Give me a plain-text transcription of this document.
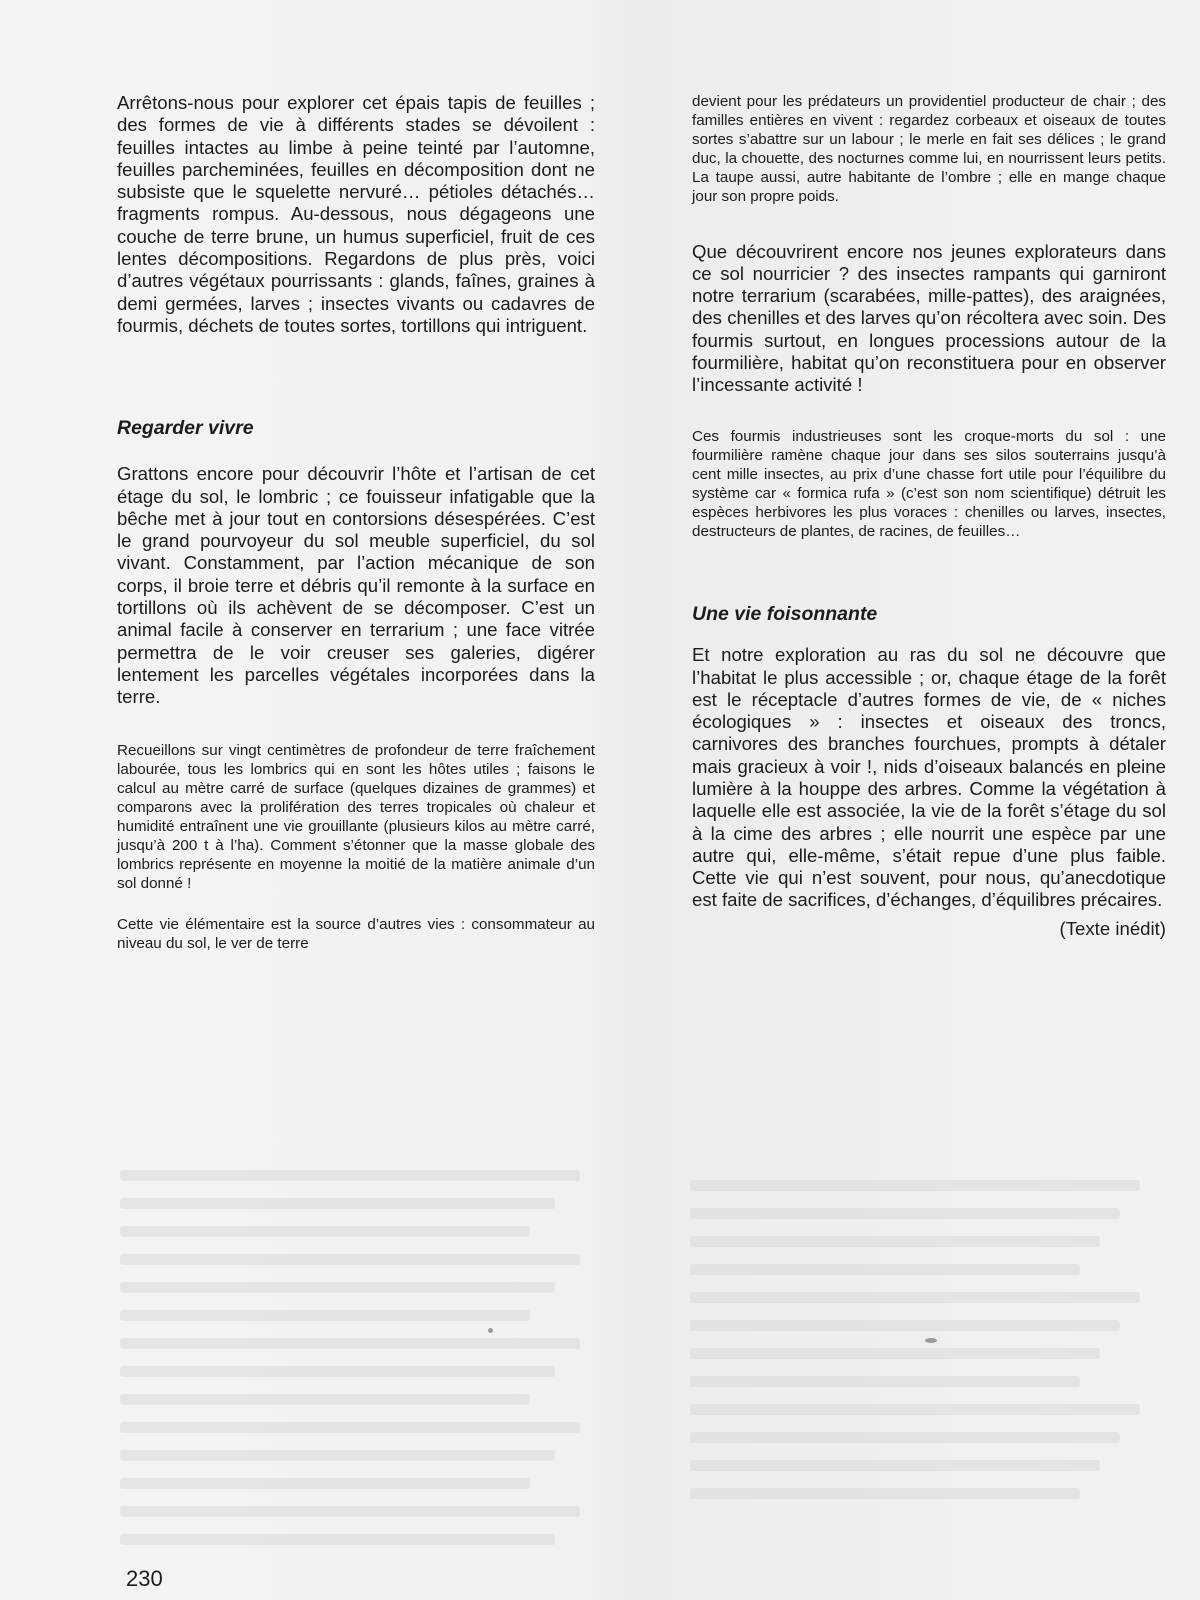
Arrêtons-nous pour explorer cet épais tapis de feuilles ; des formes de vie à différents stades se dévoilent : feuilles intactes au limbe à peine teinté par l’automne, feuilles parcheminées, feuilles en décomposition dont ne subsiste que le squelette nervuré… pétioles détachés… fragments rompus. Au-dessous, nous dégageons une couche de terre brune, un humus superficiel, fruit de ces lentes décompositions. Regardons de plus près, voici d’autres végétaux pourrissants : glands, faînes, graines à demi germées, larves ; insectes vivants ou cadavres de fourmis, déchets de toutes sortes, tortillons qui intriguent.

Regarder vivre

Grattons encore pour découvrir l’hôte et l’artisan de cet étage du sol, le lombric ; ce fouisseur infatigable que la bêche met à jour tout en contorsions désespérées. C’est le grand pourvoyeur du sol meuble superficiel, du sol vivant. Constamment, par l’action mécanique de son corps, il broie terre et débris qu’il remonte à la surface en tortillons où ils achèvent de se décomposer. C’est un animal facile à conserver en terrarium ; une face vitrée permettra de le voir creuser ses galeries, digérer lentement les parcelles végétales incorporées dans la terre.

Recueillons sur vingt centimètres de profondeur de terre fraîchement labourée, tous les lombrics qui en sont les hôtes utiles ; faisons le calcul au mètre carré de surface (quelques dizaines de grammes) et comparons avec la prolifération des terres tropicales où chaleur et humidité entraînent une vie grouillante (plusieurs kilos au mètre carré, jusqu’à 200 t à l’ha). Comment s’étonner que la masse globale des lombrics représente en moyenne la moitié de la matière animale d’un sol donné !

Cette vie élémentaire est la source d’autres vies : consommateur au niveau du sol, le ver de terre

devient pour les prédateurs un providentiel producteur de chair ; des familles entières en vivent : regardez corbeaux et oiseaux de toutes sortes s’abattre sur un labour ; le merle en fait ses délices ; le grand duc, la chouette, des nocturnes comme lui, en nourrissent leurs petits. La taupe aussi, autre habitante de l’ombre ; elle en mange chaque jour son propre poids.

Que découvrirent encore nos jeunes explorateurs dans ce sol nourricier ? des insectes rampants qui garniront notre terrarium (scarabées, mille-pattes), des araignées, des chenilles et des larves qu’on récoltera avec soin. Des fourmis surtout, en longues processions autour de la fourmilière, habitat qu’on reconstituera pour en observer l’incessante activité !

Ces fourmis industrieuses sont les croque-morts du sol : une fourmilière ramène chaque jour dans ses silos souterrains jusqu’à cent mille insectes, au prix d’une chasse fort utile pour l’équilibre du système car « formica rufa » (c’est son nom scientifique) détruit les espèces herbivores les plus voraces : chenilles ou larves, insectes, destructeurs de plantes, de racines, de feuilles…

Une vie foisonnante

Et notre exploration au ras du sol ne découvre que l’habitat le plus accessible ; or, chaque étage de la forêt est le réceptacle d’autres formes de vie, de « niches écologiques » : insectes et oiseaux des troncs, carnivores des branches fourchues, prompts à détaler mais gracieux à voir !, nids d’oiseaux balancés en pleine lumière à la houppe des arbres. Comme la végétation à laquelle elle est associée, la vie de la forêt s’étage du sol à la cime des arbres ; elle nourrit une espèce par une autre qui, elle-même, s’était repue d’une plus faible. Cette vie qui n’est souvent, pour nous, qu’anecdotique est faite de sacrifices, d’échanges, d’équilibres précaires.

(Texte inédit)

230
